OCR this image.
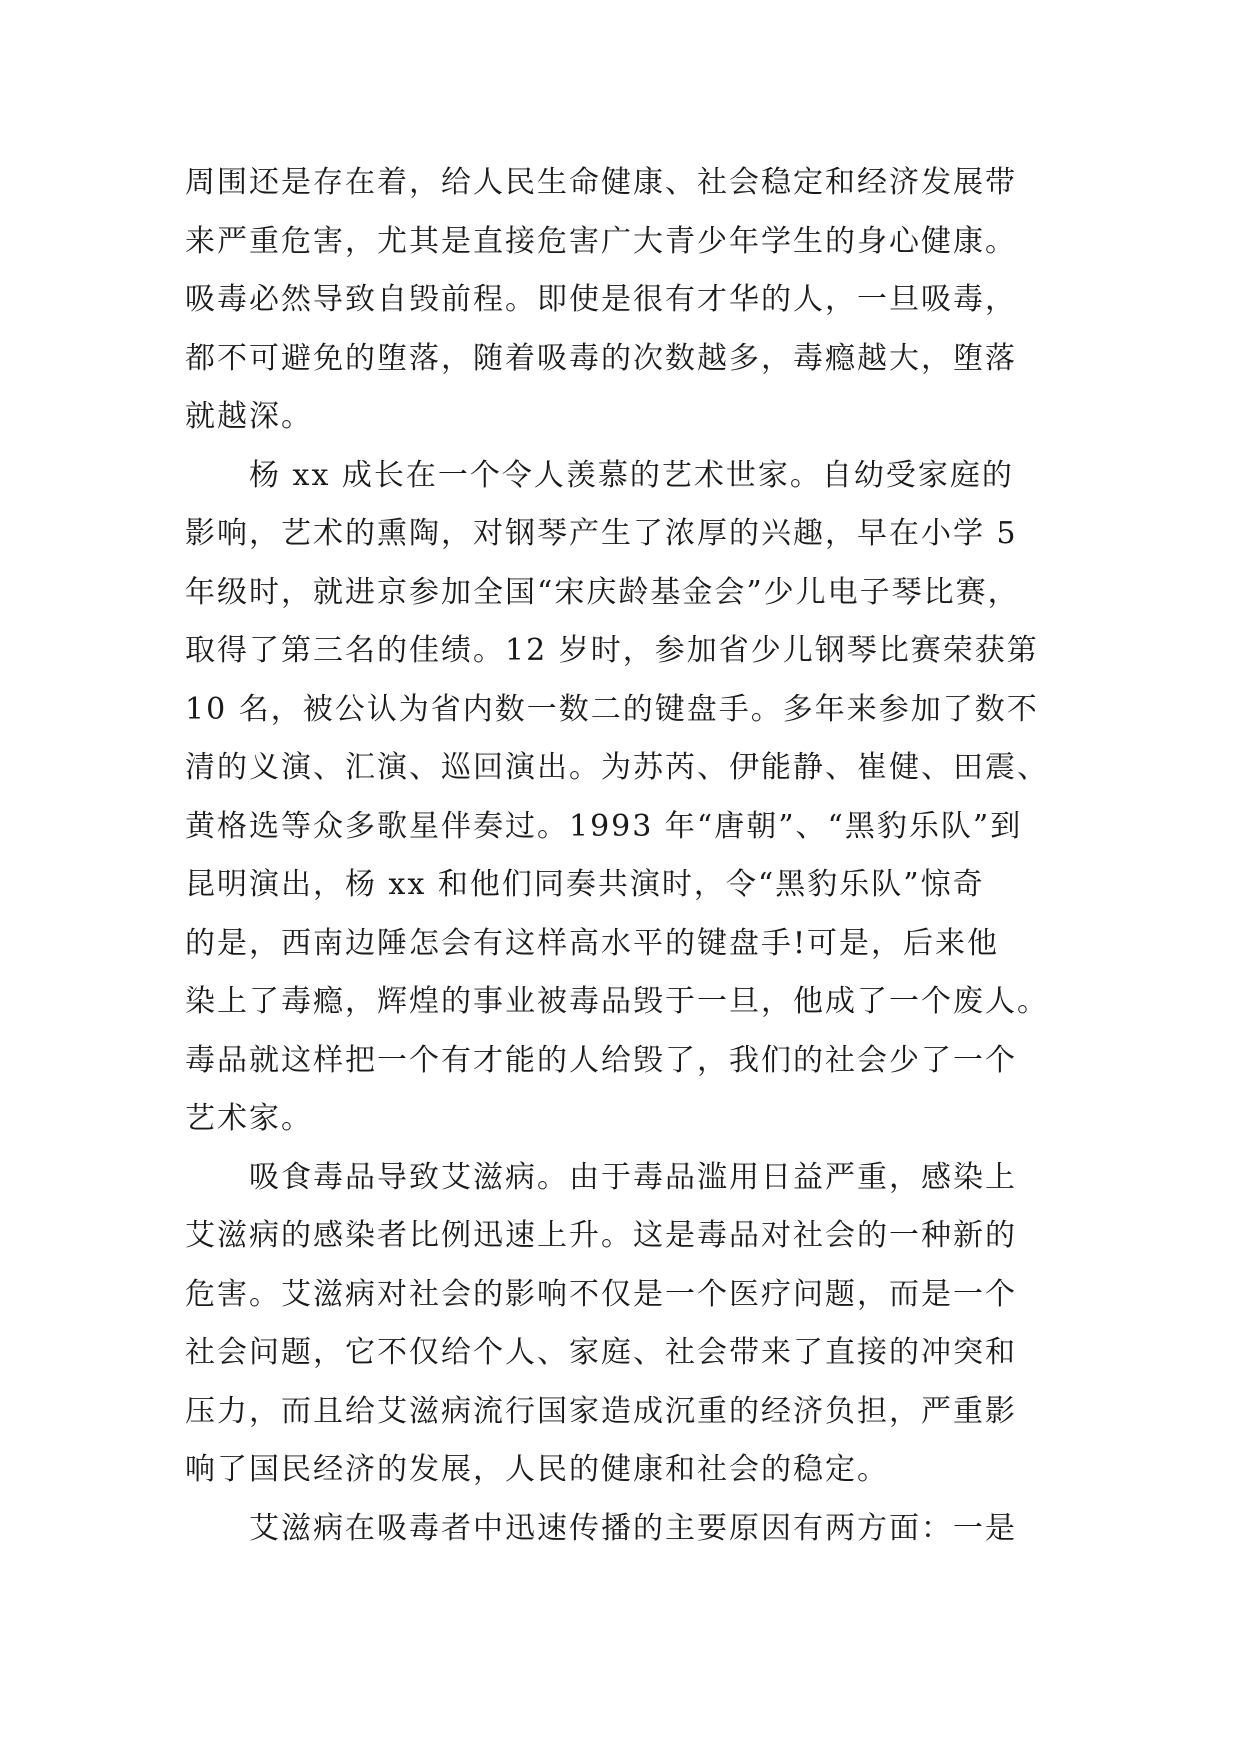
周围还是存在着，给人民生命健康、社会稳定和经济发展带
来严重危害，尤其是直接危害广大青少年学生的身心健康。
吸毒必然导致自毁前程。即使是很有才华的人，一旦吸毒，
都不可避免的堕落，随着吸毒的次数越多，毒瘾越大，堕落
就越深。
杨 xx 成长在一个令人羡慕的艺术世家。自幼受家庭的
影响，艺术的熏陶，对钢琴产生了浓厚的兴趣，早在小学 5
年级时，就进京参加全国“宋庆龄基金会”少儿电子琴比赛，
取得了第三名的佳绩。12 岁时，参加省少儿钢琴比赛荣获第
10 名，被公认为省内数一数二的键盘手。多年来参加了数不
清的义演、汇演、巡回演出。为苏芮、伊能静、崔健、田震、
黄格选等众多歌星伴奏过。1993 年“唐朝”、“黑豹乐队”到
昆明演出，杨 xx 和他们同奏共演时，令“黑豹乐队”惊奇
的是，西南边陲怎会有这样高水平的键盘手!可是，后来他
染上了毒瘾，辉煌的事业被毒品毁于一旦，他成了一个废人。
毒品就这样把一个有才能的人给毁了，我们的社会少了一个
艺术家。
吸食毒品导致艾滋病。由于毒品滥用日益严重，感染上
艾滋病的感染者比例迅速上升。这是毒品对社会的一种新的
危害。艾滋病对社会的影响不仅是一个医疗问题，而是一个
社会问题，它不仅给个人、家庭、社会带来了直接的冲突和
压力，而且给艾滋病流行国家造成沉重的经济负担，严重影
响了国民经济的发展，人民的健康和社会的稳定。
艾滋病在吸毒者中迅速传播的主要原因有两方面：一是
